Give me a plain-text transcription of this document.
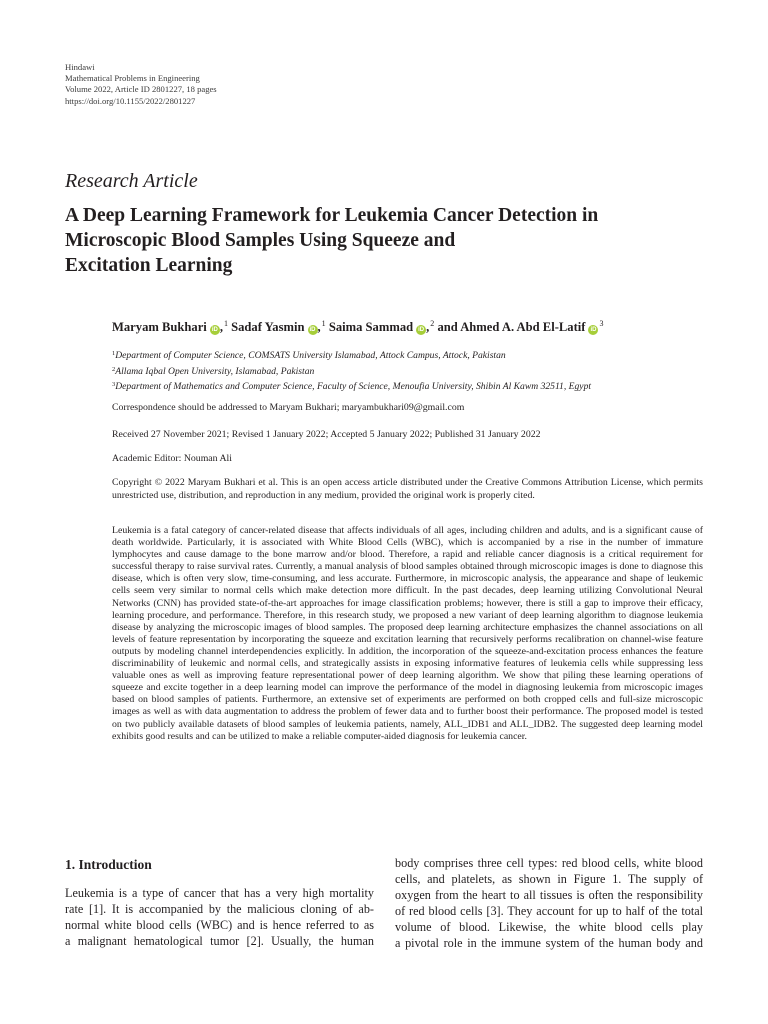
Hindawi
Mathematical Problems in Engineering
Volume 2022, Article ID 2801227, 18 pages
https://doi.org/10.1155/2022/2801227
Research Article
A Deep Learning Framework for Leukemia Cancer Detection in
Microscopic Blood Samples Using Squeeze and
Excitation Learning
Maryam Bukhari iD ,$^1$ Sadaf Yasmin iD ,$^1$ Saima Sammad iD ,$^2$ and Ahmed A. Abd El-Latif $iD^3$
$^1$Department of Computer Science, COMSATS University Islamabad, Attock Campus, Attock, Pakistan
$^2$Allama Iqbal Open University, Islamabad, Pakistan
$^3$Department of Mathematics and Computer Science, Faculty of Science, Menoufia University, Shibin Al Kawm 32511, Egypt
Correspondence should be addressed to Maryam Bukhari; maryambukhari09@gmail.com
Received 27 November 2021; Revised 1 January 2022; Accepted 5 January 2022; Published 31 January 2022
Academic Editor: Nouman Ali
Copyright © 2022 Maryam Bukhari et al. This is an open access article distributed under the Creative Commons Attribution License, which permits unrestricted use, distribution, and reproduction in any medium, provided the original work is properly cited.
Leukemia is a fatal category of cancer-related disease that affects individuals of all ages, including children and adults, and is a significant cause of death worldwide. Particularly, it is associated with White Blood Cells (WBC), which is accompanied by a rise in the number of immature lymphocytes and cause damage to the bone marrow and/or blood. Therefore, a rapid and reliable cancer diagnosis is a critical requirement for successful therapy to raise survival rates. Currently, a manual analysis of blood samples obtained through microscopic images is done to diagnose this disease, which is often very slow, time-consuming, and less accurate. Furthermore, in microscopic analysis, the appearance and shape of leukemic cells seem very similar to normal cells which make detection more difficult. In the past decades, deep learning utilizing Convolutional Neural Networks (CNN) has provided state-of-the-art approaches for image classification problems; however, there is still a gap to improve their efficacy, learning procedure, and performance. Therefore, in this research study, we proposed a new variant of deep learning algorithm to diagnose leukemia disease by analyzing the microscopic images of blood samples. The proposed deep learning architecture emphasizes the channel associations on all levels of feature representation by incorporating the squeeze and excitation learning that recursively performs recalibration on channel-wise feature outputs by modeling channel interdependencies explicitly. In addition, the incorporation of the squeeze-and-excitation process enhances the feature discriminability of leukemic and normal cells, and strategically assists in exposing informative features of leukemia cells while suppressing less valuable ones as well as improving feature representational power of deep learning algorithm. We show that piling these learning operations of squeeze and excite together in a deep learning model can improve the performance of the model in diagnosing leukemia from microscopic images based on blood samples of patients. Furthermore, an extensive set of experiments are performed on both cropped cells and full-size microscopic images as well as with data augmentation to address the problem of fewer data and to further boost their performance. The proposed model is tested on two publicly available datasets of blood samples of leukemia patients, namely, ALL_IDB1 and ALL_IDB2. The suggested deep learning model exhibits good results and can be utilized to make a reliable computer-aided diagnosis for leukemia cancer.
1. Introduction
Leukemia is a type of cancer that has a very high mortality
rate [1]. It is accompanied by the malicious cloning of ab-
normal white blood cells (WBC) and is hence referred to as
a malignant hematological tumor [2]. Usually, the human
body comprises three cell types: red blood cells, white blood
cells, and platelets, as shown in Figure 1. The supply of
oxygen from the heart to all tissues is often the responsibility
of red blood cells [3]. They account for up to half of the total
volume of blood. Likewise, the white blood cells play
a pivotal role in the immune system of the human body and
